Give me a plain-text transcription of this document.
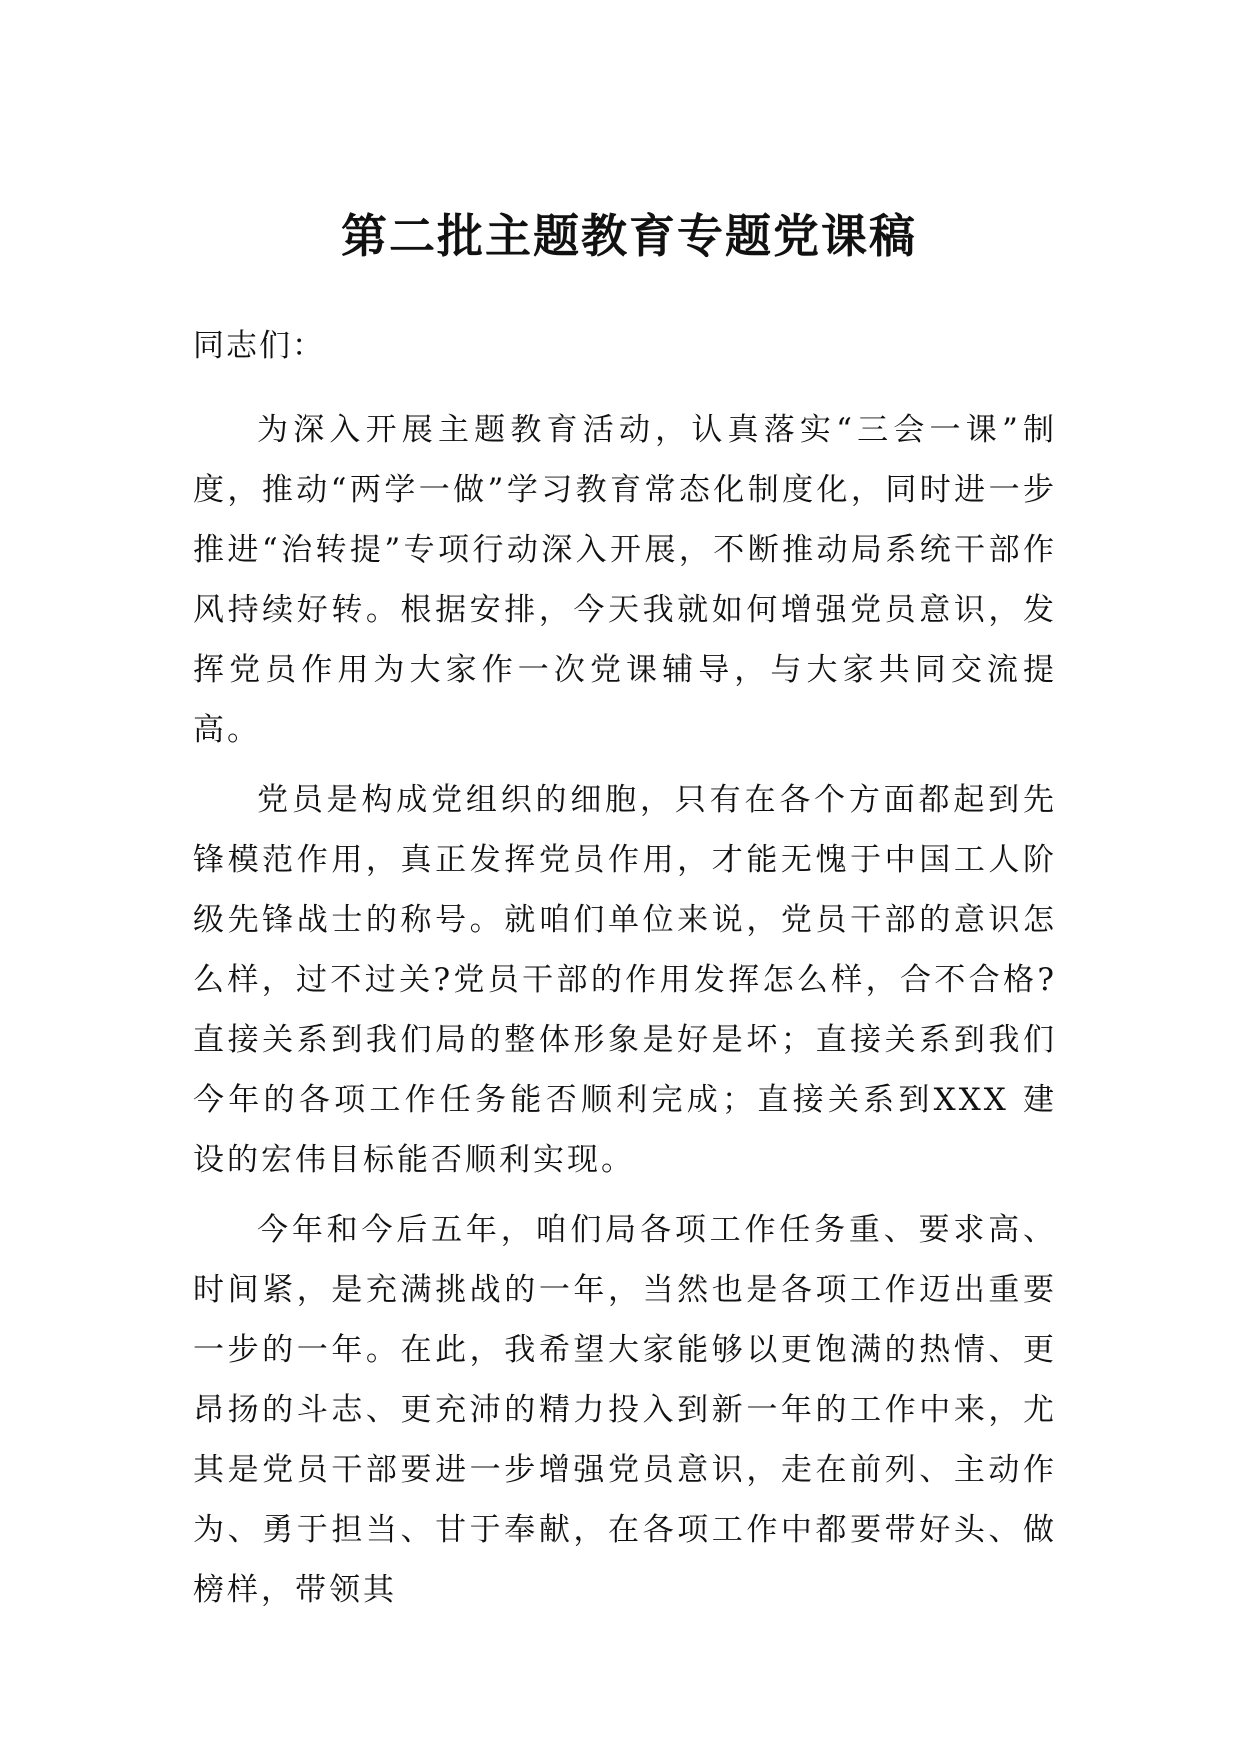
第二批主题教育专题党课稿

同志们：

为深入开展主题教育活动，认真落实“三会一课”制度，推动“两学一做”学习教育常态化制度化，同时进一步推进“治转提”专项行动深入开展，不断推动局系统干部作风持续好转。根据安排，今天我就如何增强党员意识，发挥党员作用为大家作一次党课辅导，与大家共同交流提高。

党员是构成党组织的细胞，只有在各个方面都起到先锋模范作用，真正发挥党员作用，才能无愧于中国工人阶级先锋战士的称号。就咱们单位来说，党员干部的意识怎么样，过不过关?党员干部的作用发挥怎么样，合不合格?直接关系到我们局的整体形象是好是坏；直接关系到我们今年的各项工作任务能否顺利完成；直接关系到XXX 建设的宏伟目标能否顺利实现。

今年和今后五年，咱们局各项工作任务重、要求高、时间紧，是充满挑战的一年，当然也是各项工作迈出重要一步的一年。在此，我希望大家能够以更饱满的热情、更昂扬的斗志、更充沛的精力投入到新一年的工作中来，尤其是党员干部要进一步增强党员意识，走在前列、主动作为、勇于担当、甘于奉献，在各项工作中都要带好头、做榜样，带领其
